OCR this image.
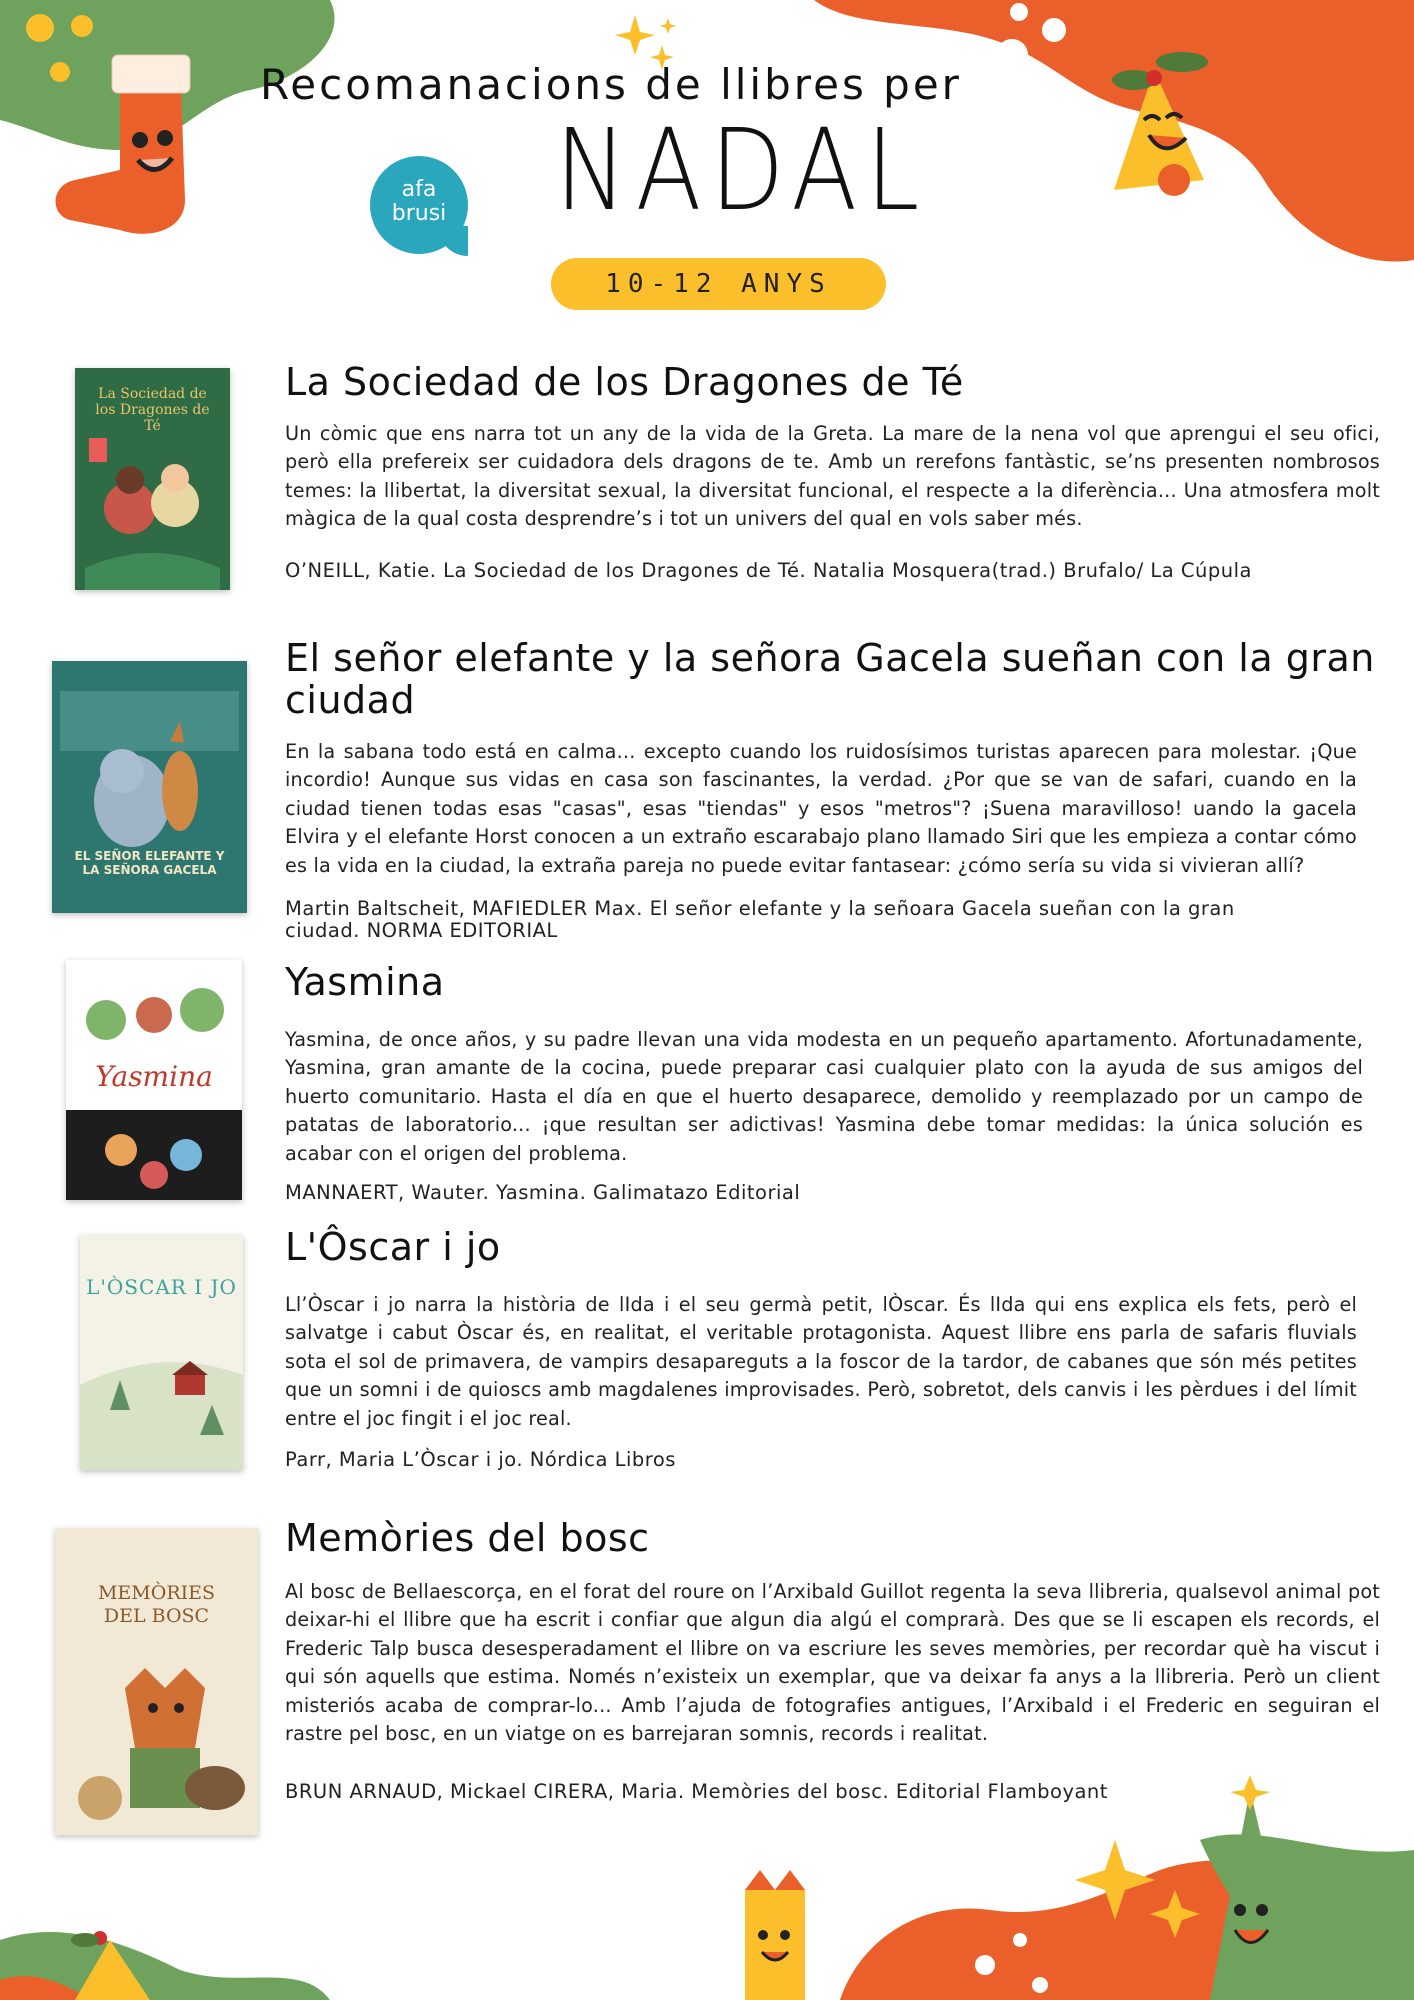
Recomanacions de llibres per
NADAL
afa
brusi
10-12 ANYS
La Sociedad de los Dragones de Té
La Sociedad de los Dragones de Té

Un còmic que ens narra tot un any de la vida de la Greta. La mare de la nena vol que aprengui el seu ofici, però ella prefereix ser cuidadora dels dragons de te. Amb un rerefons fantàstic, se’ns presenten nombrosos temes: la llibertat, la diversitat sexual, la diversitat funcional, el respecte a la diferència... Una atmosfera molt màgica de la qual costa desprendre’s i tot un univers del qual en vols saber més.

O’NEILL, Katie. La Sociedad de los Dragones de Té. Natalia Mosquera(trad.) Brufalo/ La Cúpula

EL SEÑOR ELEFANTE Y LA SEÑORA GACELA
El señor elefante y la señora Gacela sueñan con la gran ciudad

En la sabana todo está en calma... excepto cuando los ruidosísimos turistas aparecen para molestar. ¡Que incordio! Aunque sus vidas en casa son fascinantes, la verdad. ¿Por que se van de safari, cuando en la ciudad tienen todas esas "casas", esas "tiendas" y esos "metros"? ¡Suena maravilloso! uando la gacela Elvira y el elefante Horst conocen a un extraño escarabajo plano llamado Siri que les empieza a contar cómo es la vida en la ciudad, la extraña pareja no puede evitar fantasear: ¿cómo sería su vida si vivieran allí?

Martin Baltscheit, MAFIEDLER Max. El señor elefante y la señoara Gacela sueñan con la gran ciudad. NORMA EDITORIAL

Yasmina
Yasmina

Yasmina, de once años, y su padre llevan una vida modesta en un pequeño apartamento. Afortunadamente, Yasmina, gran amante de la cocina, puede preparar casi cualquier plato con la ayuda de sus amigos del huerto comunitario. Hasta el día en que el huerto desaparece, demolido y reemplazado por un campo de patatas de laboratorio... ¡que resultan ser adictivas! Yasmina debe tomar medidas: la única solución es acabar con el origen del problema.

MANNAERT, Wauter. Yasmina. Galimatazo Editorial

L'ÒSCAR I JO
L'Ôscar i jo

Ll’Òscar i jo narra la història de lIda i el seu germà petit, lÒscar. És lIda qui ens explica els fets, però el salvatge i cabut Òscar és, en realitat, el veritable protagonista. Aquest llibre ens parla de safaris fluvials sota el sol de primavera, de vampirs desapareguts a la foscor de la tardor, de cabanes que són més petites que un somni i de quioscs amb magdalenes improvisades. Però, sobretot, dels canvis i les pèrdues i del límit entre el joc fingit i el joc real.

Parr, Maria L’Òscar i jo. Nórdica Libros

MEMÒRIES DEL BOSC
Memòries del bosc

Al bosc de Bellaescorça, en el forat del roure on l’Arxibald Guillot regenta la seva llibreria, qualsevol animal pot deixar-hi el llibre que ha escrit i confiar que algun dia algú el comprarà. Des que se li escapen els records, el Frederic Talp busca desesperadament el llibre on va escriure les seves memòries, per recordar què ha viscut i qui són aquells que estima. Només n’existeix un exemplar, que va deixar fa anys a la llibreria. Però un client misteriós acaba de comprar-lo... Amb l’ajuda de fotografies antigues, l’Arxibald i el Frederic en seguiran el rastre pel bosc, en un viatge on es barrejaran somnis, records i realitat.

BRUN ARNAUD, Mickael CIRERA, Maria. Memòries del bosc. Editorial Flamboyant
